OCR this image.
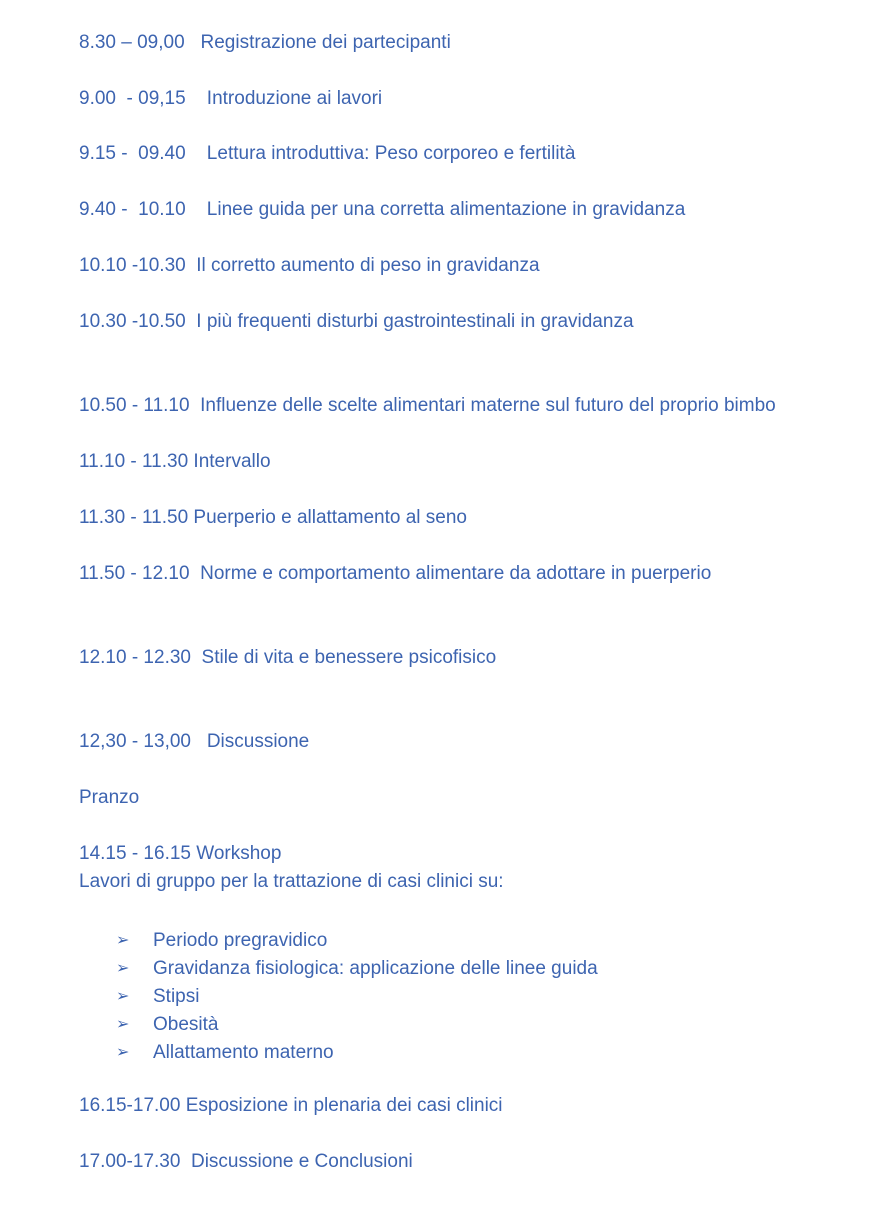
8.30 – 09,00   Registrazione dei partecipanti

9.00  - 09,15    Introduzione ai lavori

9.15 -  09.40    Lettura introduttiva: Peso corporeo e fertilità

9.40 -  10.10    Linee guida per una corretta alimentazione in gravidanza

10.10 -10.30  Il corretto aumento di peso in gravidanza

10.30 -10.50  I più frequenti disturbi gastrointestinali in gravidanza

10.50 - 11.10  Influenze delle scelte alimentari materne sul futuro del proprio bimbo

11.10 - 11.30 Intervallo

11.30 - 11.50 Puerperio e allattamento al seno

11.50 - 12.10  Norme e comportamento alimentare da adottare in puerperio

12.10 - 12.30  Stile di vita e benessere psicofisico

12,30 - 13,00   Discussione

Pranzo

14.15 - 16.15 Workshop

Lavori di gruppo per la trattazione di casi clinici su:

➢	Periodo pregravidico
➢	Gravidanza fisiologica: applicazione delle linee guida
➢	Stipsi
➢	Obesità
➢	Allattamento materno

16.15-17.00 Esposizione in plenaria dei casi clinici

17.00-17.30  Discussione e Conclusioni
